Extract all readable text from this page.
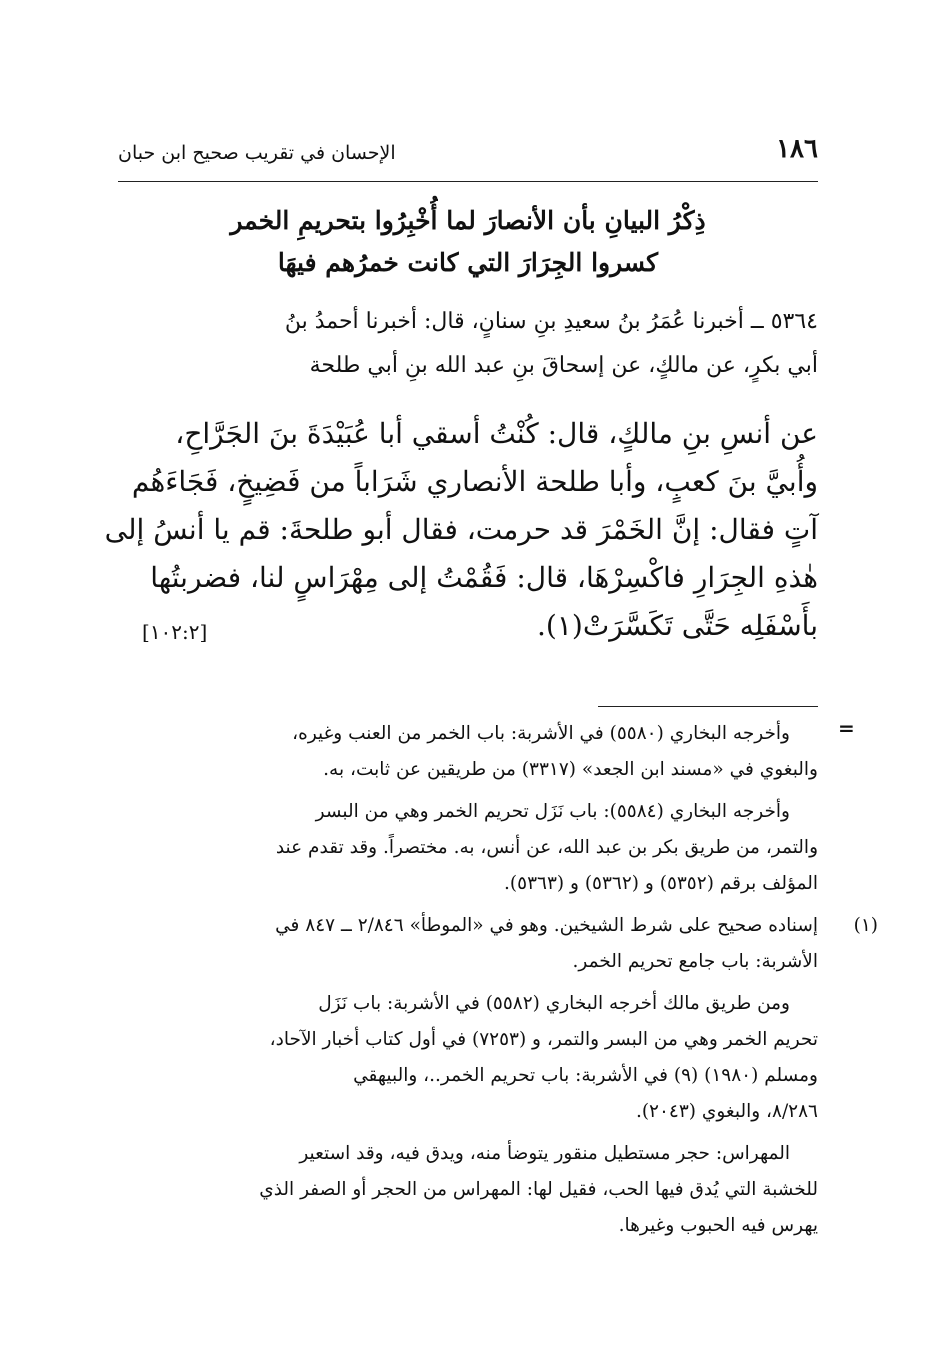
الإحسان في تقريب صحيح ابن حبان	١٨٦
ذِكْرُ البيانِ بأن الأنصارَ لما أُخْبِرُوا بتحريمِ الخمر
كسروا الجِرَارَ التي كانت خمرُهم فيهَا
٥٣٦٤ ــ أخبرنا عُمَرُ بنُ سعيدِ بنِ سنانٍ، قال: أخبرنا أحمدُ بنُ
أبي بكرٍ، عن مالكٍ، عن إسحاقَ بنِ عبد الله بنِ أبي طلحة
عن أنسِ بنِ مالكٍ، قال: كُنْتُ أسقي أبا عُبَيْدَةَ بنَ الجَرَّاحِ،
وأُبيَّ بنَ كعبٍ، وأبا طلحة الأنصاري شَرَاباً من فَضِيخٍ، فَجَاءَهُم
آتٍ فقال: إنَّ الخَمْرَ قد حرمت، فقال أبو طلحةَ: قم يا أنسُ إلى
هٰذهِ الجِرَارِ فاكْسِرْهَا، قال: فَقُمْتُ إلى مِهْرَاسٍ لنا، فضربتُها
بأَسْفَلِه حَتَّى تَكَسَّرَتْ(١).
[١٠٢:٢]
=
وأخرجه البخاري (٥٥٨٠) في الأشربة: باب الخمر من العنب وغيره،
والبغوي في «مسند ابن الجعد» (٣٣١٧) من طريقين عن ثابت، به.
وأخرجه البخاري (٥٥٨٤): باب نَزَل تحريم الخمر وهي من البسر
والتمر، من طريق بكر بن عبد الله، عن أنس، به. مختصراً. وقد تقدم عند
المؤلف برقم (٥٣٥٢) و (٥٣٦٢) و (٥٣٦٣).
(١)
إسناده صحيح على شرط الشيخين. وهو في «الموطأ» ٢/٨٤٦ ــ ٨٤٧ في
الأشربة: باب جامع تحريم الخمر.
ومن طريق مالك أخرجه البخاري (٥٥٨٢) في الأشربة: باب نَزَل
تحريم الخمر وهي من البسر والتمر، و (٧٢٥٣) في أول كتاب أخبار الآحاد،
ومسلم (١٩٨٠) (٩) في الأشربة: باب تحريم الخمر..، والبيهقي
٨/٢٨٦، والبغوي (٢٠٤٣).
المهراس: حجر مستطيل منقور يتوضأ منه، ويدق فيه، وقد استعير
للخشبة التي يُدق فيها الحب، فقيل لها: المهراس من الحجر أو الصفر الذي
يهرس فيه الحبوب وغيرها.
